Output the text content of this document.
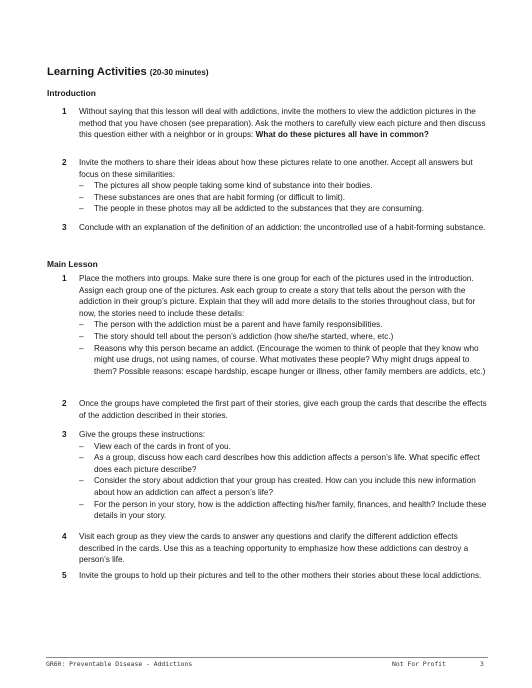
Learning Activities (20-30 minutes)
Introduction
1 Without saying that this lesson will deal with addictions, invite the mothers to view the addiction pictures in the method that you have chosen (see preparation). Ask the mothers to carefully view each picture and then discuss this question either with a neighbor or in groups: What do these pictures all have in common?
2 Invite the mothers to share their ideas about how these pictures relate to one another. Accept all answers but focus on these similarities:
– The pictures all show people taking some kind of substance into their bodies.
– These substances are ones that are habit forming (or difficult to limit).
– The people in these photos may all be addicted to the substances that they are consuming.
3 Conclude with an explanation of the definition of an addiction: the uncontrolled use of a habit-forming substance.
Main Lesson
1 Place the mothers into groups. Make sure there is one group for each of the pictures used in the introduction. Assign each group one of the pictures. Ask each group to create a story that tells about the person with the addiction in their group’s picture. Explain that they will add more details to the stories throughout class, but for now, the stories need to include these details:
– The person with the addiction must be a parent and have family responsibilities.
– The story should tell about the person’s addiction (how she/he started, where, etc.)
– Reasons why this person became an addict. (Encourage the women to think of people that they know who might use drugs, not using names, of course. What motivates these people? Why might drugs appeal to them? Possible reasons: escape hardship, escape hunger or illness, other family members are addicts, etc.)
2 Once the groups have completed the first part of their stories, give each group the cards that describe the effects of the addiction described in their stories.
3 Give the groups these instructions:
– View each of the cards in front of you.
– As a group, discuss how each card describes how this addiction affects a person’s life. What specific effect does each picture describe?
– Consider the story about addiction that your group has created. How can you include this new information about how an addiction can affect a person’s life?
– For the person in your story, how is the addiction affecting his/her family, finances, and health? Include these details in your story.
4 Visit each group as they view the cards to answer any questions and clarify the different addiction effects described in the cards. Use this as a teaching opportunity to emphasize how these addictions can destroy a person’s life.
5 Invite the groups to hold up their pictures and tell to the other mothers their stories about these local addictions.
GR60: Preventable Disease - Addictions	Not For Profit	3
